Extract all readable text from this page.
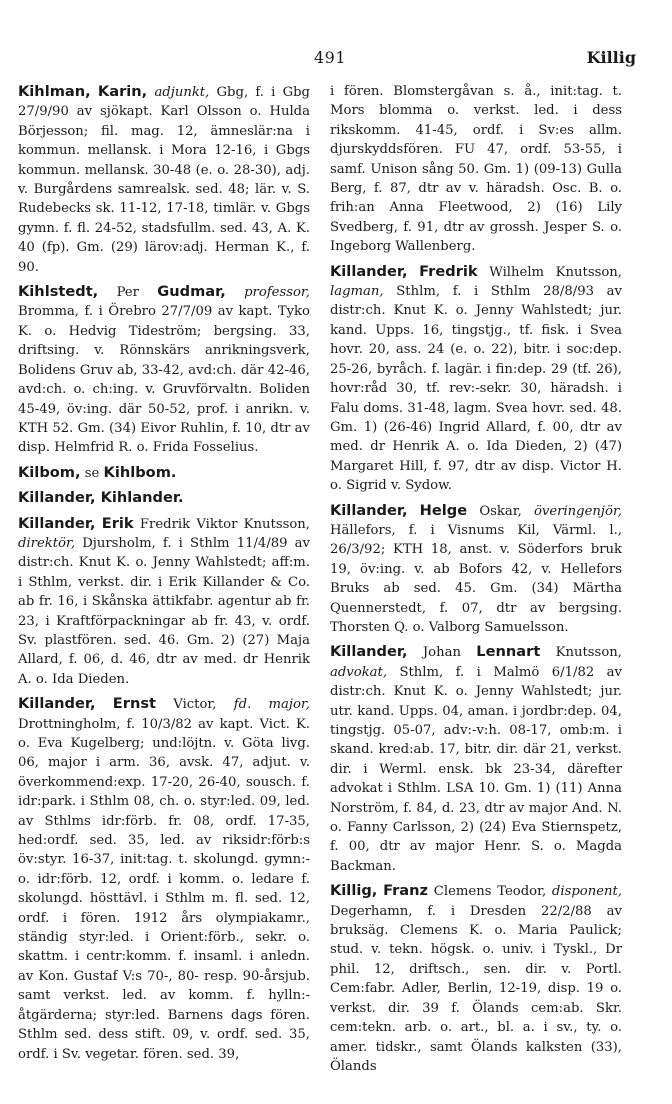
491	Killig

Kihlman, Karin, adjunkt, Gbg, f. i Gbg 27/9/90 av sjökapt. Karl Olsson o. Hulda Börjesson; fil. mag. 12, ämneslär:na i kommun. mellansk. i Mora 12-16, i Gbgs kommun. mellansk. 30-48 (e. o. 28-30), adj. v. Burgårdens samrealsk. sed. 48; lär. v. S. Rudebecks sk. 11-12, 17-18, timlär. v. Gbgs gymn. f. fl. 24-52, stadsfullm. sed. 43, A. K. 40 (fp). Gm. (29) lärov:adj. Herman K., f. 90.

Kihlstedt, Per Gudmar, professor, Bromma, f. i Örebro 27/7/09 av kapt. Tyko K. o. Hedvig Tideström; bergsing. 33, driftsing. v. Rönnskärs anrikningsverk, Bolidens Gruv ab, 33-42, avd:ch. där 42-46, avd:ch. o. ch:ing. v. Gruvförvaltn. Boliden 45-49, öv:ing. där 50-52, prof. i anrikn. v. KTH 52. Gm. (34) Eivor Ruhlin, f. 10, dtr av disp. Helmfrid R. o. Frida Fosselius.

Kilbom, se Kihlbom.

Killander, Kihlander.

Killander, Erik Fredrik Viktor Knutsson, direktör, Djursholm, f. i Sthlm 11/4/89 av distr:ch. Knut K. o. Jenny Wahlstedt; aff:m. i Sthlm, verkst. dir. i Erik Killander & Co. ab fr. 16, i Skånska ättikfabr. agentur ab fr. 23, i Kraftförpackningar ab fr. 43, v. ordf. Sv. plastfören. sed. 46. Gm. 2) (27) Maja Allard, f. 06, d. 46, dtr av med. dr Henrik A. o. Ida Dieden.

Killander, Ernst Victor, fd. major, Drottningholm, f. 10/3/82 av kapt. Vict. K. o. Eva Kugelberg; und:löjtn. v. Göta livg. 06, major i arm. 36, avsk. 47, adjut. v. överkommend:exp. 17-20, 26-40, sousch. f. idr:park. i Sthlm 08, ch. o. styr:led. 09, led. av Sthlms idr:förb. fr. 08, ordf. 17-35, hed:ordf. sed. 35, led. av riksidr:förb:s öv:styr. 16-37, init:tag. t. skolungd. gymn:- o. idr:förb. 12, ordf. i komm. o. ledare f. skolungd. hösttävl. i Sthlm m. fl. sed. 12, ordf. i fören. 1912 års olympiakamr., ständig styr:led. i Orient:förb., sekr. o. skattm. i centr:komm. f. insaml. i anledn. av Kon. Gustaf V:s 70-, 80- resp. 90-årsjub. samt verkst. led. av komm. f. hylln:-åtgärderna; styr:led. Barnens dags fören. Sthlm sed. dess stift. 09, v. ordf. sed. 35, ordf. i Sv. vegetar. fören. sed. 39,

i fören. Blomstergåvan s. å., init:tag. t. Mors blomma o. verkst. led. i dess rikskomm. 41-45, ordf. i Sv:es allm. djurskyddsfören. FU 47, ordf. 53-55, i samf. Unison sång 50. Gm. 1) (09-13) Gulla Berg, f. 87, dtr av v. häradsh. Osc. B. o. frih:an Anna Fleetwood, 2) (16) Lily Svedberg, f. 91, dtr av grossh. Jesper S. o. Ingeborg Wallenberg.

Killander, Fredrik Wilhelm Knutsson, lagman, Sthlm, f. i Sthlm 28/8/93 av distr:ch. Knut K. o. Jenny Wahlstedt; jur. kand. Upps. 16, tingstjg., tf. fisk. i Svea hovr. 20, ass. 24 (e. o. 22), bitr. i soc:dep. 25-26, byråch. f. lagär. i fin:dep. 29 (tf. 26), hovr:råd 30, tf. rev:-sekr. 30, häradsh. i Falu doms. 31-48, lagm. Svea hovr. sed. 48. Gm. 1) (26-46) Ingrid Allard, f. 00, dtr av med. dr Henrik A. o. Ida Dieden, 2) (47) Margaret Hill, f. 97, dtr av disp. Victor H. o. Sigrid v. Sydow.

Killander, Helge Oskar, överingenjör, Hällefors, f. i Visnums Kil, Värml. l., 26/3/92; KTH 18, anst. v. Söderfors bruk 19, öv:ing. v. ab Bofors 42, v. Hellefors Bruks ab sed. 45. Gm. (34) Märtha Quennerstedt, f. 07, dtr av bergsing. Thorsten Q. o. Valborg Samuelsson.

Killander, Johan Lennart Knutsson, advokat, Sthlm, f. i Malmö 6/1/82 av distr:ch. Knut K. o. Jenny Wahlstedt; jur. utr. kand. Upps. 04, aman. i jordbr:dep. 04, tingstjg. 05-07, adv:-v:h. 08-17, omb:m. i skand. kred:ab. 17, bitr. dir. där 21, verkst. dir. i Werml. ensk. bk 23-34, därefter advokat i Sthlm. LSA 10. Gm. 1) (11) Anna Norström, f. 84, d. 23, dtr av major And. N. o. Fanny Carlsson, 2) (24) Eva Stiernspetz, f. 00, dtr av major Henr. S. o. Magda Backman.

Killig, Franz Clemens Teodor, disponent, Degerhamn, f. i Dresden 22/2/88 av bruksäg. Clemens K. o. Maria Paulick; stud. v. tekn. högsk. o. univ. i Tyskl., Dr phil. 12, driftsch., sen. dir. v. Portl. Cem:fabr. Adler, Berlin, 12-19, disp. 19 o. verkst. dir. 39 f. Ölands cem:ab. Skr. cem:tekn. arb. o. art., bl. a. i sv., ty. o. amer. tidskr., samt Ölands kalksten (33), Ölands
